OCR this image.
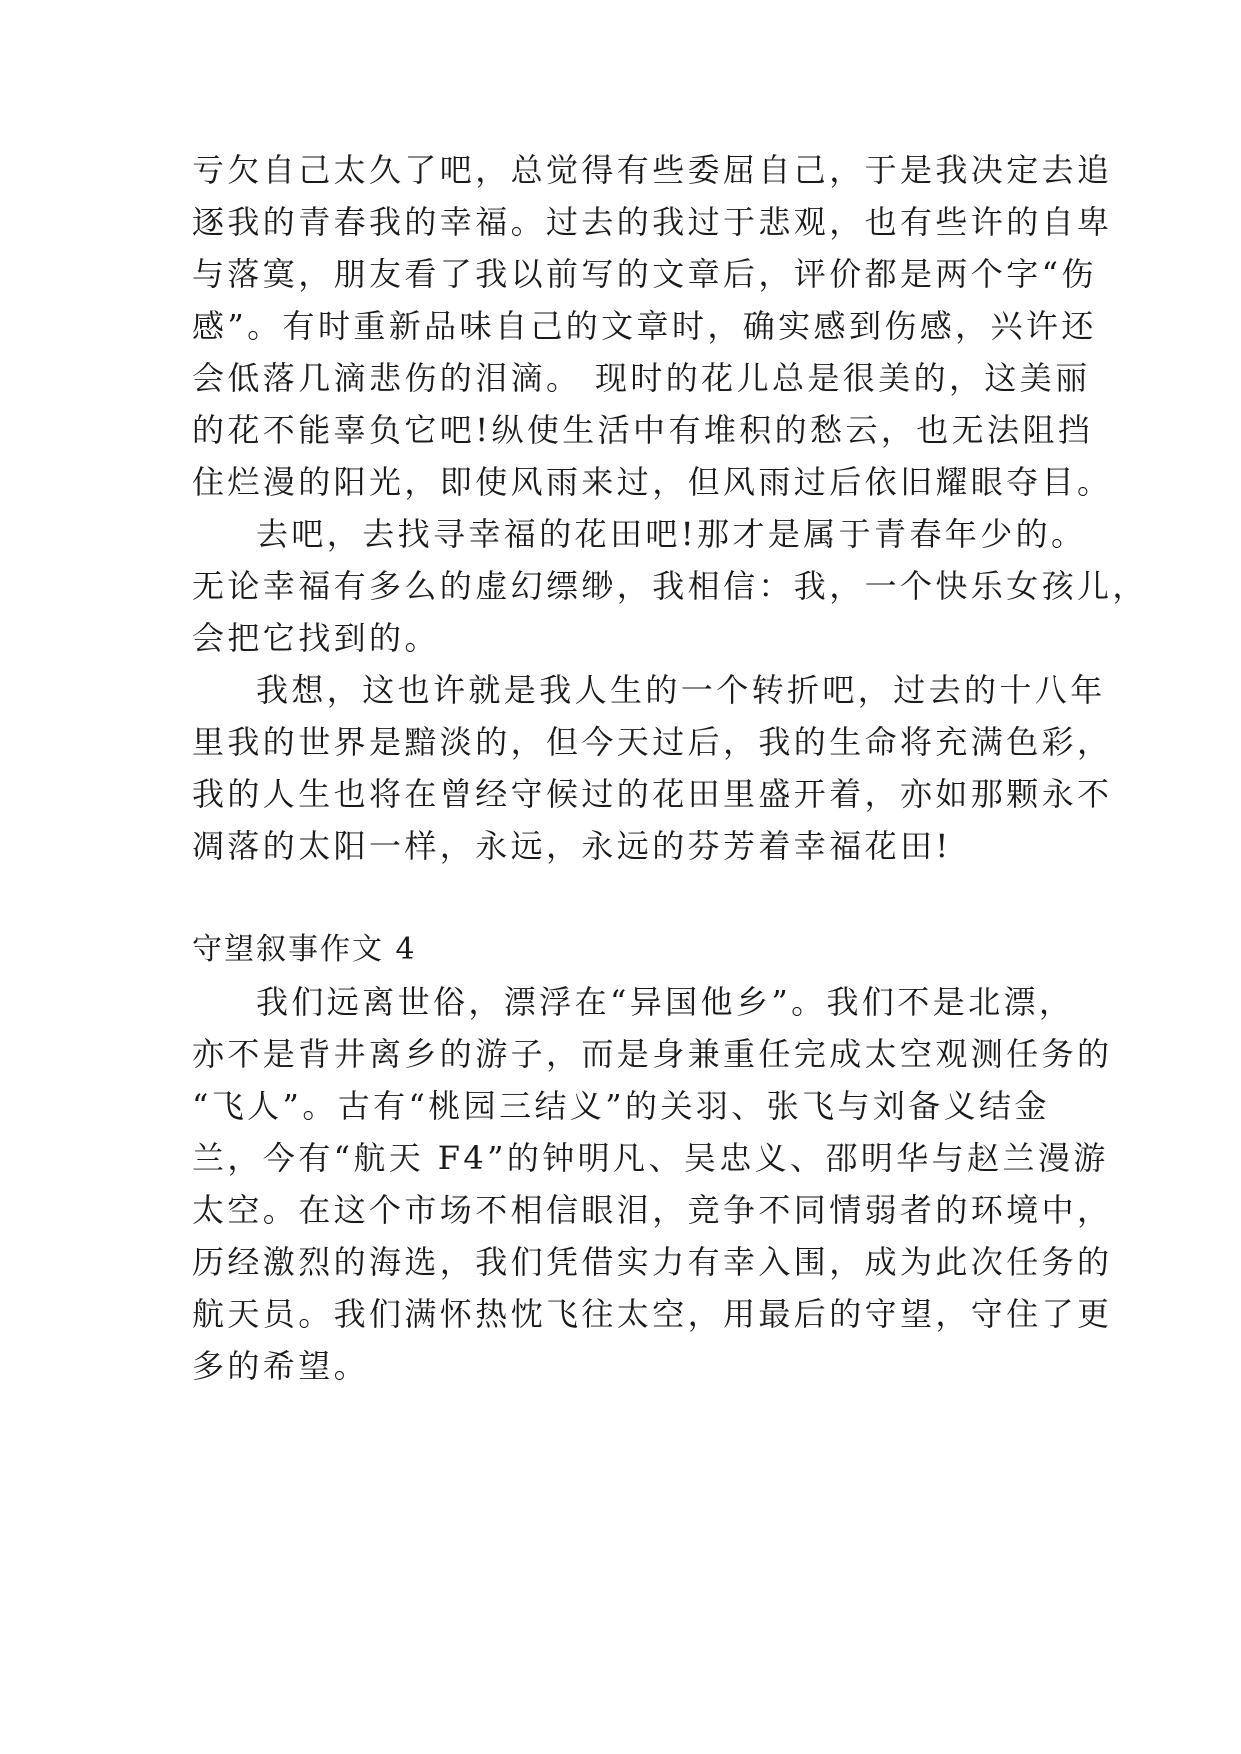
亏欠自己太久了吧，总觉得有些委屈自己，于是我决定去追
逐我的青春我的幸福。过去的我过于悲观，也有些许的自卑
与落寞，朋友看了我以前写的文章后，评价都是两个字“伤
感”。有时重新品味自己的文章时，确实感到伤感，兴许还
会低落几滴悲伤的泪滴。 现时的花儿总是很美的，这美丽
的花不能辜负它吧!纵使生活中有堆积的愁云，也无法阻挡
住烂漫的阳光，即使风雨来过，但风雨过后依旧耀眼夺目。
去吧，去找寻幸福的花田吧!那才是属于青春年少的。
无论幸福有多么的虚幻缥缈，我相信：我，一个快乐女孩儿，
会把它找到的。
我想，这也许就是我人生的一个转折吧，过去的十八年
里我的世界是黯淡的，但今天过后，我的生命将充满色彩，
我的人生也将在曾经守候过的花田里盛开着，亦如那颗永不
凋落的太阳一样，永远，永远的芬芳着幸福花田!
守望叙事作文 4
我们远离世俗，漂浮在“异国他乡”。我们不是北漂，
亦不是背井离乡的游子，而是身兼重任完成太空观测任务的
“飞人”。古有“桃园三结义”的关羽、张飞与刘备义结金
兰，今有“航天 F4”的钟明凡、吴忠义、邵明华与赵兰漫游
太空。在这个市场不相信眼泪，竞争不同情弱者的环境中，
历经激烈的海选，我们凭借实力有幸入围，成为此次任务的
航天员。我们满怀热忱飞往太空，用最后的守望，守住了更
多的希望。
